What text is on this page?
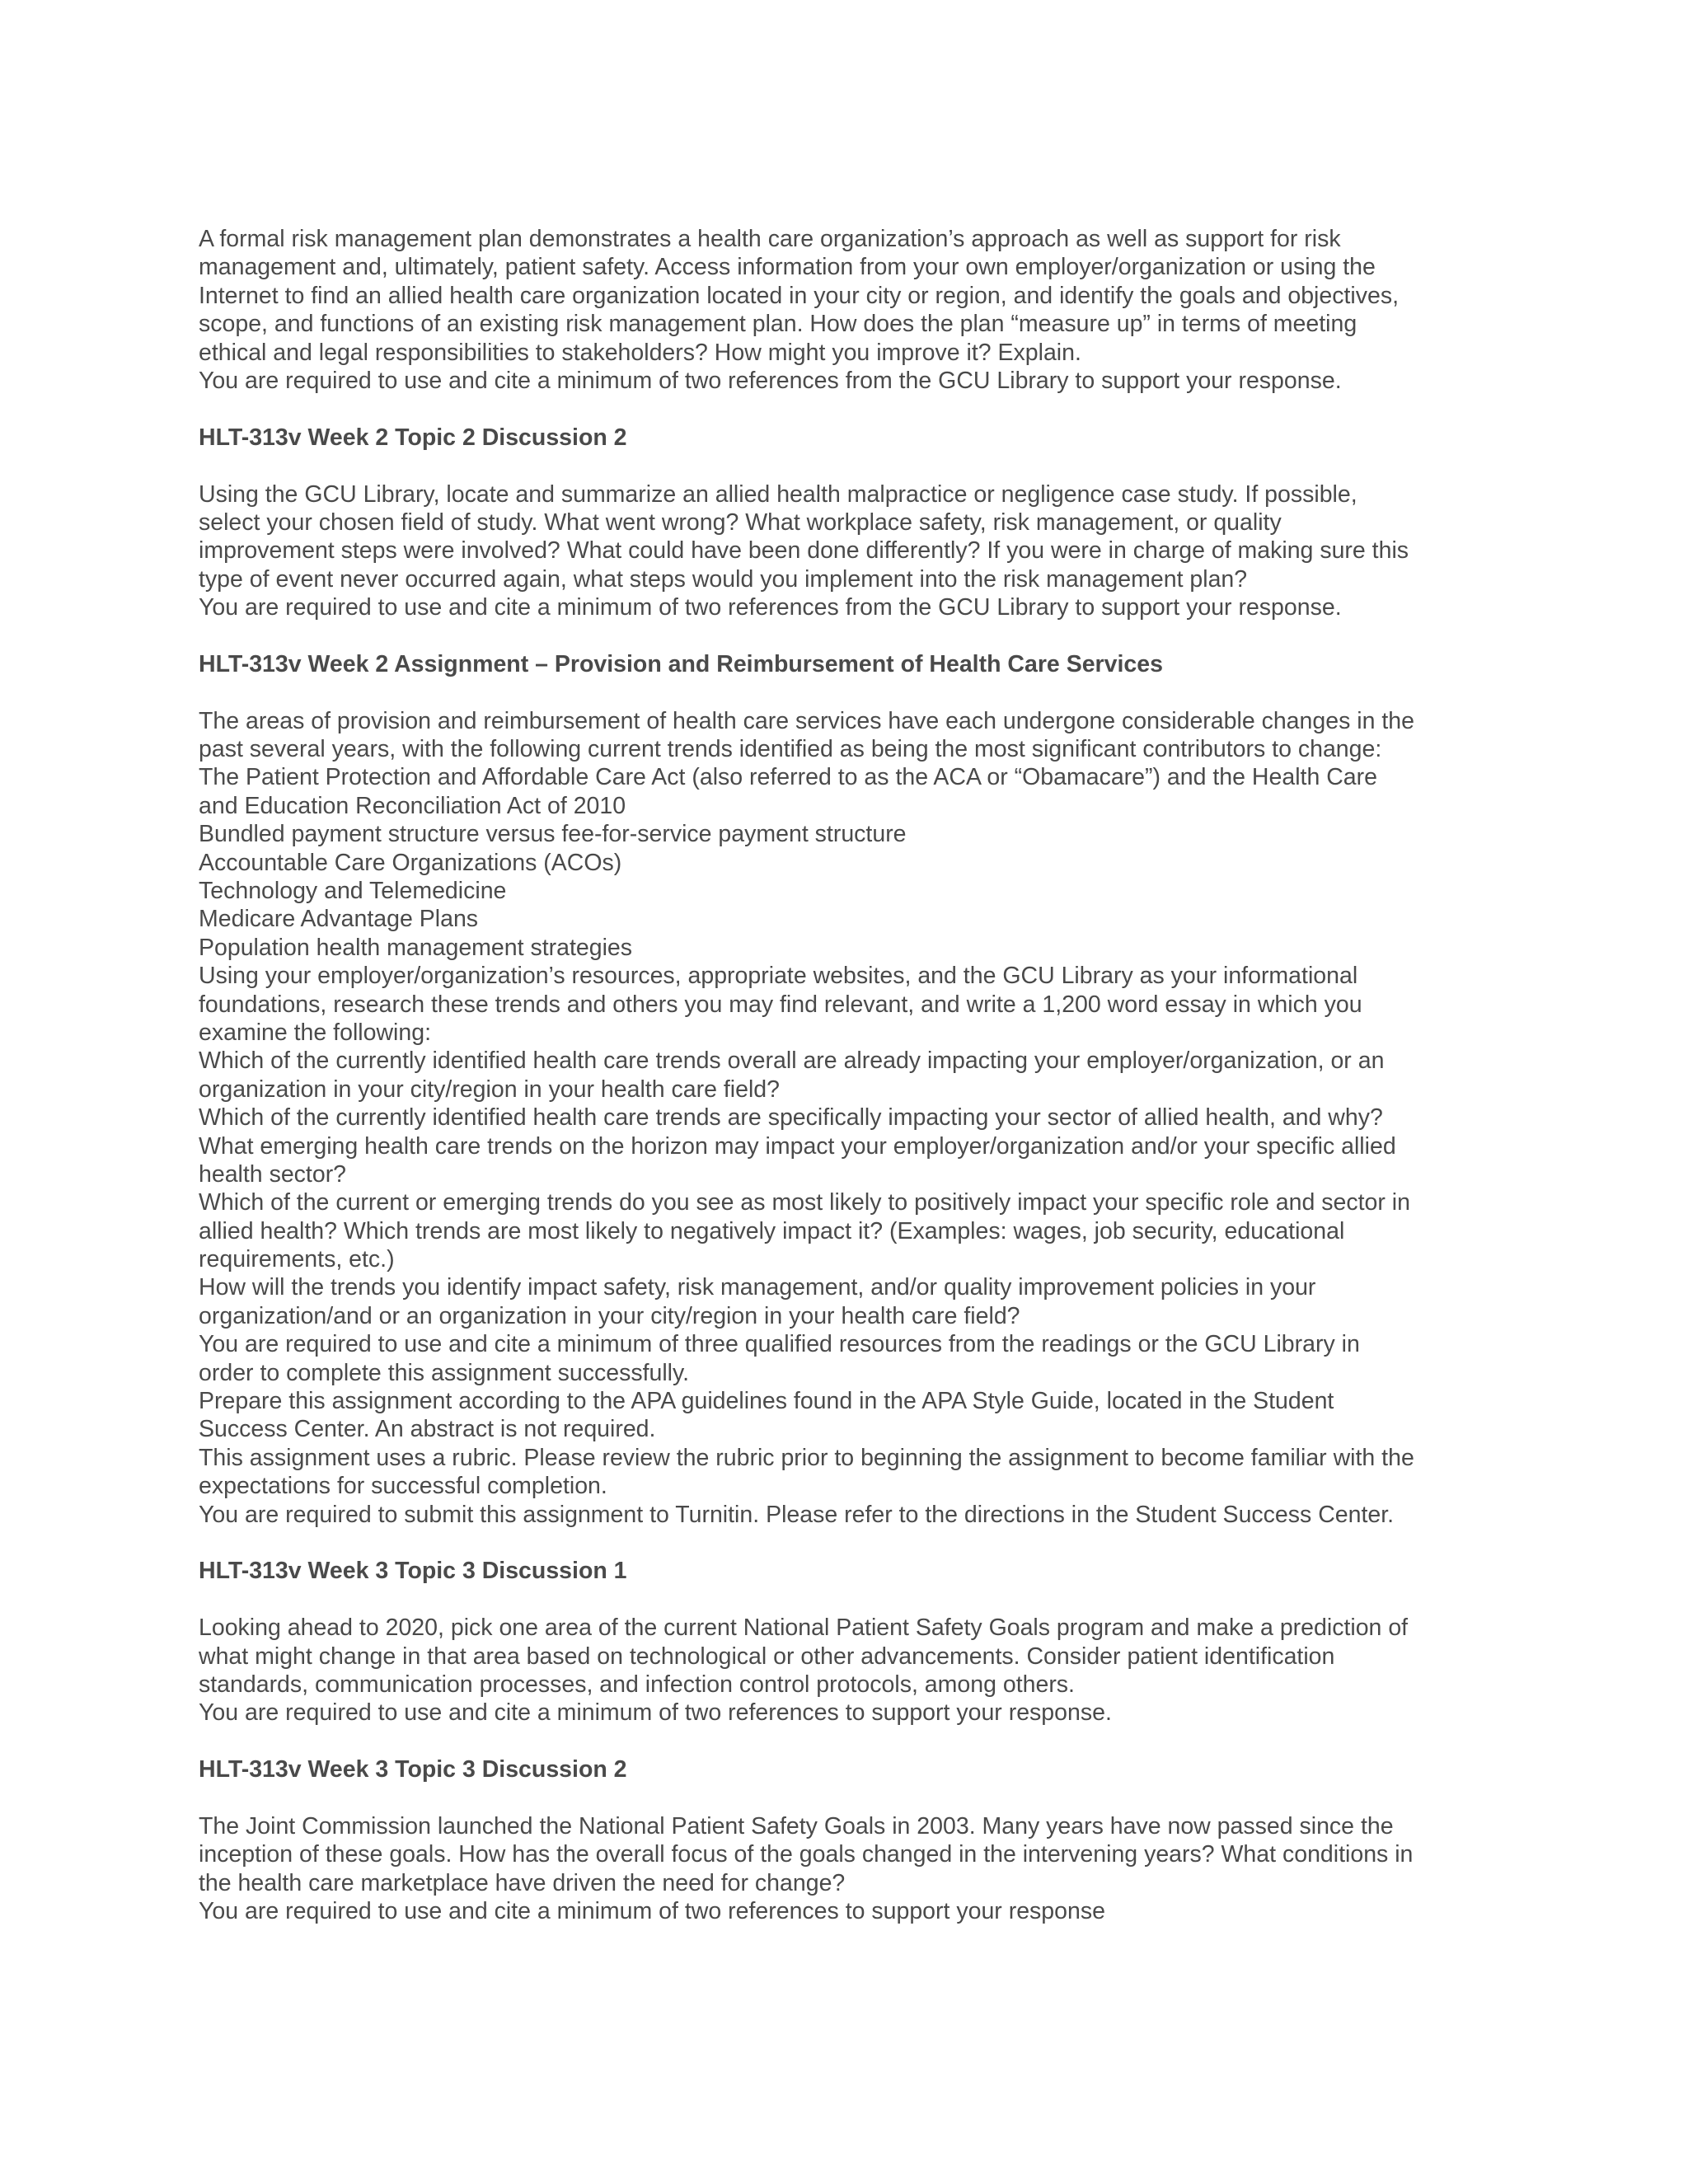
A formal risk management plan demonstrates a health care organization’s approach as well as support for risk

management and, ultimately, patient safety. Access information from your own employer/organization or using the

Internet to find an allied health care organization located in your city or region, and identify the goals and objectives,

scope, and functions of an existing risk management plan. How does the plan “measure up” in terms of meeting

ethical and legal responsibilities to stakeholders? How might you improve it? Explain.

You are required to use and cite a minimum of two references from the GCU Library to support your response.

HLT-313v Week 2 Topic 2 Discussion 2

Using the GCU Library, locate and summarize an allied health malpractice or negligence case study. If possible,

select your chosen field of study. What went wrong? What workplace safety, risk management, or quality

improvement steps were involved? What could have been done differently? If you were in charge of making sure this

type of event never occurred again, what steps would you implement into the risk management plan?

You are required to use and cite a minimum of two references from the GCU Library to support your response.

HLT-313v Week 2 Assignment – Provision and Reimbursement of Health Care Services

The areas of provision and reimbursement of health care services have each undergone considerable changes in the

past several years, with the following current trends identified as being the most significant contributors to change:

The Patient Protection and Affordable Care Act (also referred to as the ACA or “Obamacare”) and the Health Care

and Education Reconciliation Act of 2010

Bundled payment structure versus fee-for-service payment structure

Accountable Care Organizations (ACOs)

Technology and Telemedicine

Medicare Advantage Plans

Population health management strategies

Using your employer/organization’s resources, appropriate websites, and the GCU Library as your informational

foundations, research these trends and others you may find relevant, and write a 1,200 word essay in which you

examine the following:

Which of the currently identified health care trends overall are already impacting your employer/organization, or an

organization in your city/region in your health care field?

Which of the currently identified health care trends are specifically impacting your sector of allied health, and why?

What emerging health care trends on the horizon may impact your employer/organization and/or your specific allied

health sector?

Which of the current or emerging trends do you see as most likely to positively impact your specific role and sector in

allied health? Which trends are most likely to negatively impact it? (Examples: wages, job security, educational

requirements, etc.)

How will the trends you identify impact safety, risk management, and/or quality improvement policies in your

organization/and or an organization in your city/region in your health care field?

You are required to use and cite a minimum of three qualified resources from the readings or the GCU Library in

order to complete this assignment successfully.

Prepare this assignment according to the APA guidelines found in the APA Style Guide, located in the Student

Success Center. An abstract is not required.

This assignment uses a rubric. Please review the rubric prior to beginning the assignment to become familiar with the

expectations for successful completion.

You are required to submit this assignment to Turnitin. Please refer to the directions in the Student Success Center.

HLT-313v Week 3 Topic 3 Discussion 1

Looking ahead to 2020, pick one area of the current National Patient Safety Goals program and make a prediction of

what might change in that area based on technological or other advancements. Consider patient identification

standards, communication processes, and infection control protocols, among others.

You are required to use and cite a minimum of two references to support your response.

HLT-313v Week 3 Topic 3 Discussion 2

The Joint Commission launched the National Patient Safety Goals in 2003. Many years have now passed since the

inception of these goals. How has the overall focus of the goals changed in the intervening years? What conditions in

the health care marketplace have driven the need for change?

You are required to use and cite a minimum of two references to support your response
